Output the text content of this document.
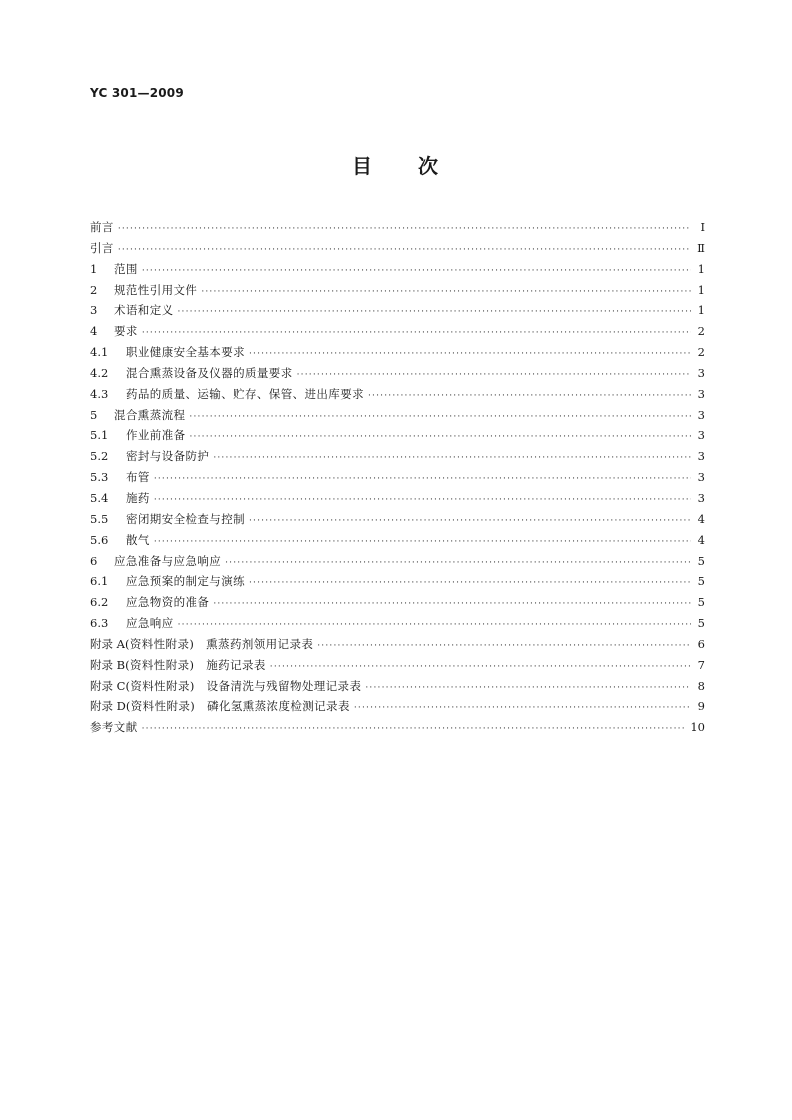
YC 301—2009
目 次
前言 ·····	Ⅰ
引言 ·····	Ⅱ
1	范围 ·····	1
2	规范性引用文件 ·····	1
3	术语和定义 ·····	1
4	要求 ·····	2
4.1	职业健康安全基本要求 ·····	2
4.2	混合熏蒸设备及仪器的质量要求 ·····	3
4.3	药品的质量、运输、贮存、保管、进出库要求 ·····	3
5	混合熏蒸流程 ·····	3
5.1	作业前准备 ·····	3
5.2	密封与设备防护 ·····	3
5.3	布管 ·····	3
5.4	施药 ·····	3
5.5	密闭期安全检查与控制 ·····	4
5.6	散气 ·····	4
6	应急准备与应急响应 ·····	5
6.1	应急预案的制定与演练 ·····	5
6.2	应急物资的准备 ·····	5
6.3	应急响应 ·····	5
附录 A (资料性附录)　熏蒸药剂领用记录表 ·····	6
附录 B (资料性附录)　施药记录表 ·····	7
附录 C (资料性附录)　设备清洗与残留物处理记录表 ·····	8
附录 D (资料性附录)　磷化氢熏蒸浓度检测记录表 ·····	9
参考文献 ·····	10
